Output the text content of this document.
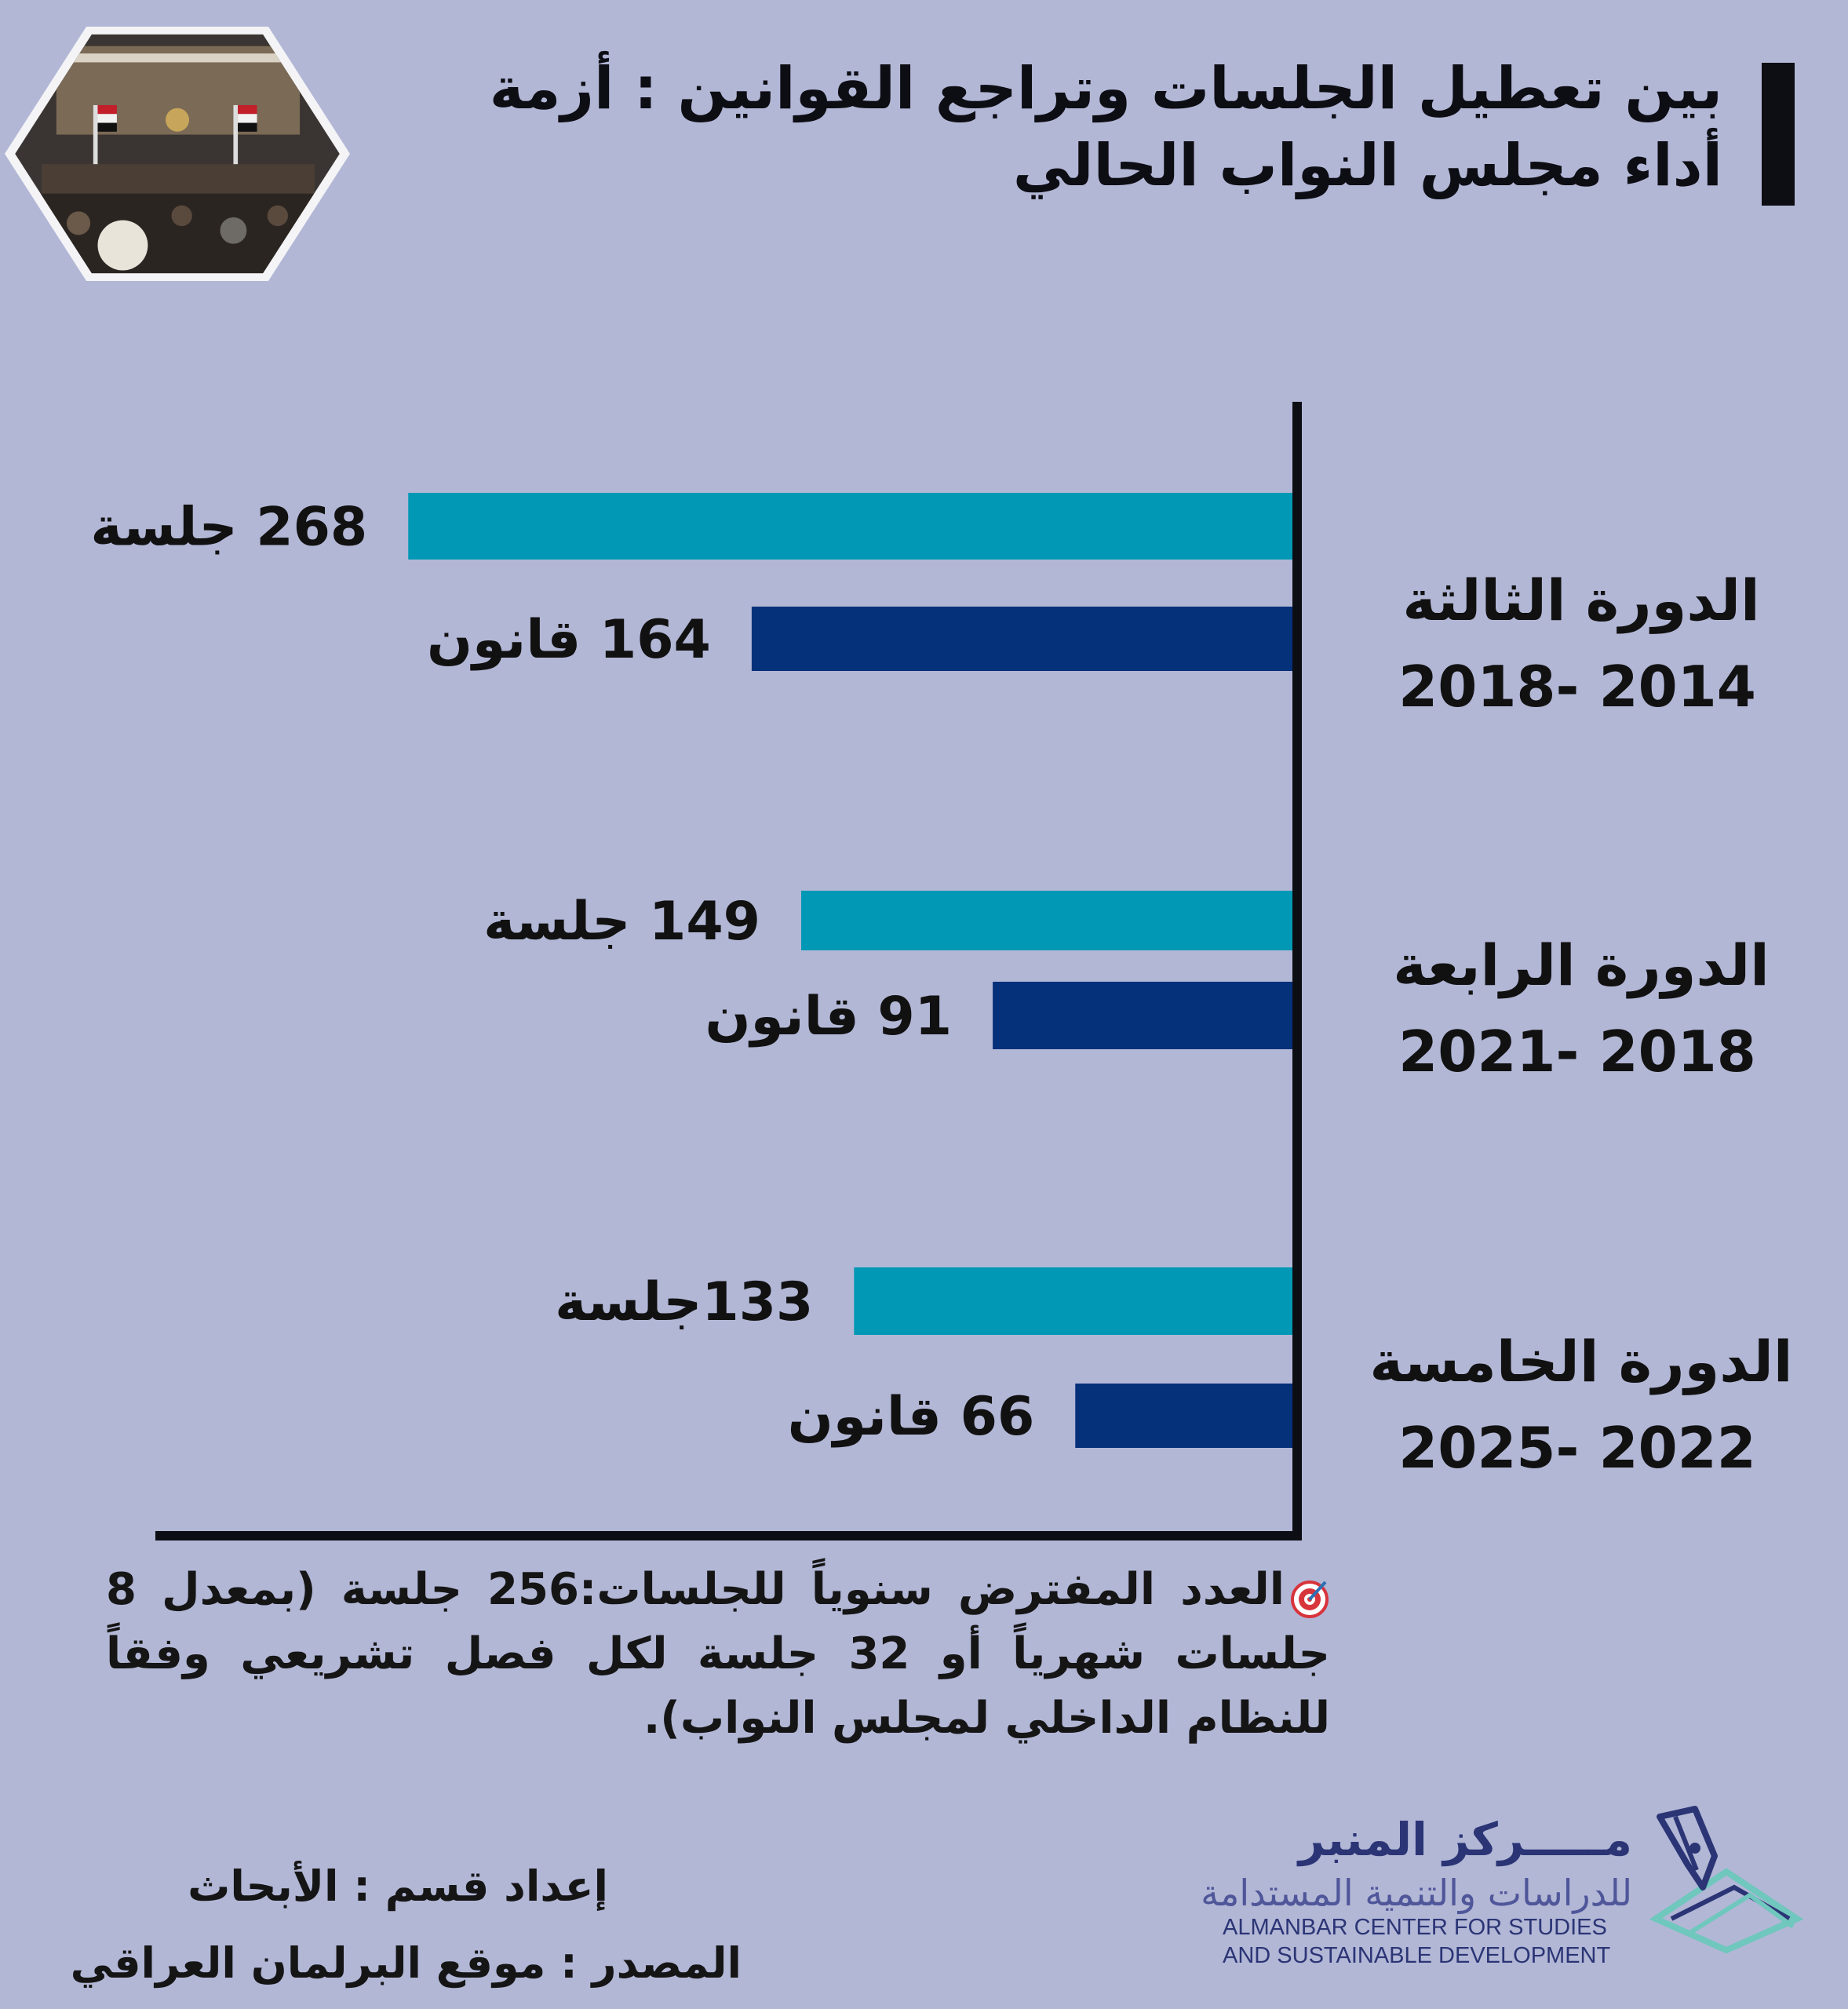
بين تعطيل الجلسات وتراجع القوانين : أزمة أداء مجلس النواب الحالي
268 جلسة
164 قانون
الدورة الثالثة
2014 -2018
149 جلسة
91 قانون
الدورة الرابعة
2018 -2021
133جلسة
66 قانون
الدورة الخامسة
2022 -2025

العدد المفترض سنوياً للجلسات:256 جلسة (بمعدل 8 جلسات شهرياً أو 32 جلسة لكل فصل تشريعي وفقاً للنظام الداخلي لمجلس النواب).

إعداد قسم : الأبحاث
المصدر : موقع البرلمان العراقي
مـــــركز المنبر
للدراسات والتنمية المستدامة
ALMANBAR CENTER FOR STUDIES
AND SUSTAINABLE DEVELOPMENT
